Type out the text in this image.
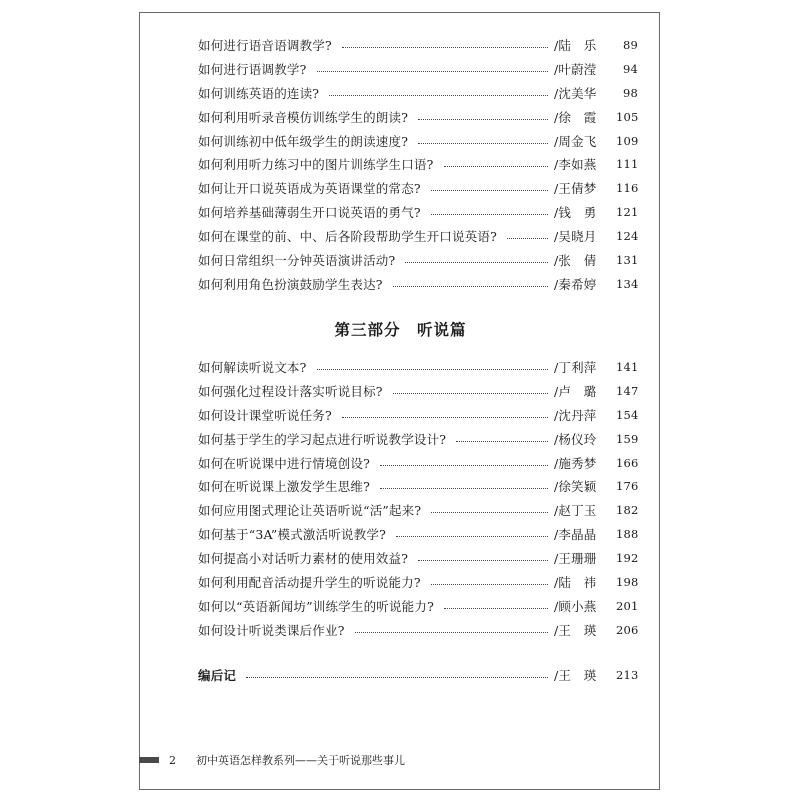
如何进行语音语调教学?	/陆　乐	89
如何进行语调教学?	/叶蔚滢	94
如何训练英语的连读?	/沈美华	98
如何利用听录音模仿训练学生的朗读?	/徐　霞	105
如何训练初中低年级学生的朗读速度?	/周金飞	109
如何利用听力练习中的图片训练学生口语?	/李如燕	111
如何让开口说英语成为英语课堂的常态?	/王倩梦	116
如何培养基础薄弱生开口说英语的勇气?	/钱　勇	121
如何在课堂的前、中、后各阶段帮助学生开口说英语?	/吴晓月	124
如何日常组织一分钟英语演讲活动?	/张　倩	131
如何利用角色扮演鼓励学生表达?	/秦希婷	134
第三部分　听说篇
如何解读听说文本?	/丁利萍	141
如何强化过程设计落实听说目标?	/卢　璐	147
如何设计课堂听说任务?	/沈丹萍	154
如何基于学生的学习起点进行听说教学设计?	/杨仪玲	159
如何在听说课中进行情境创设?	/施秀梦	166
如何在听说课上激发学生思维?	/徐笑颖	176
如何应用图式理论让英语听说“活”起来?	/赵丁玉	182
如何基于“3A”模式激活听说教学?	/李晶晶	188
如何提高小对话听力素材的使用效益?	/王珊珊	192
如何利用配音活动提升学生的听说能力?	/陆　祎	198
如何以“英语新闻坊”训练学生的听说能力?	/顾小燕	201
如何设计听说类课后作业?	/王　瑛	206
编后记	/王　瑛	213
2 初中英语怎样教系列——关于听说那些事儿
